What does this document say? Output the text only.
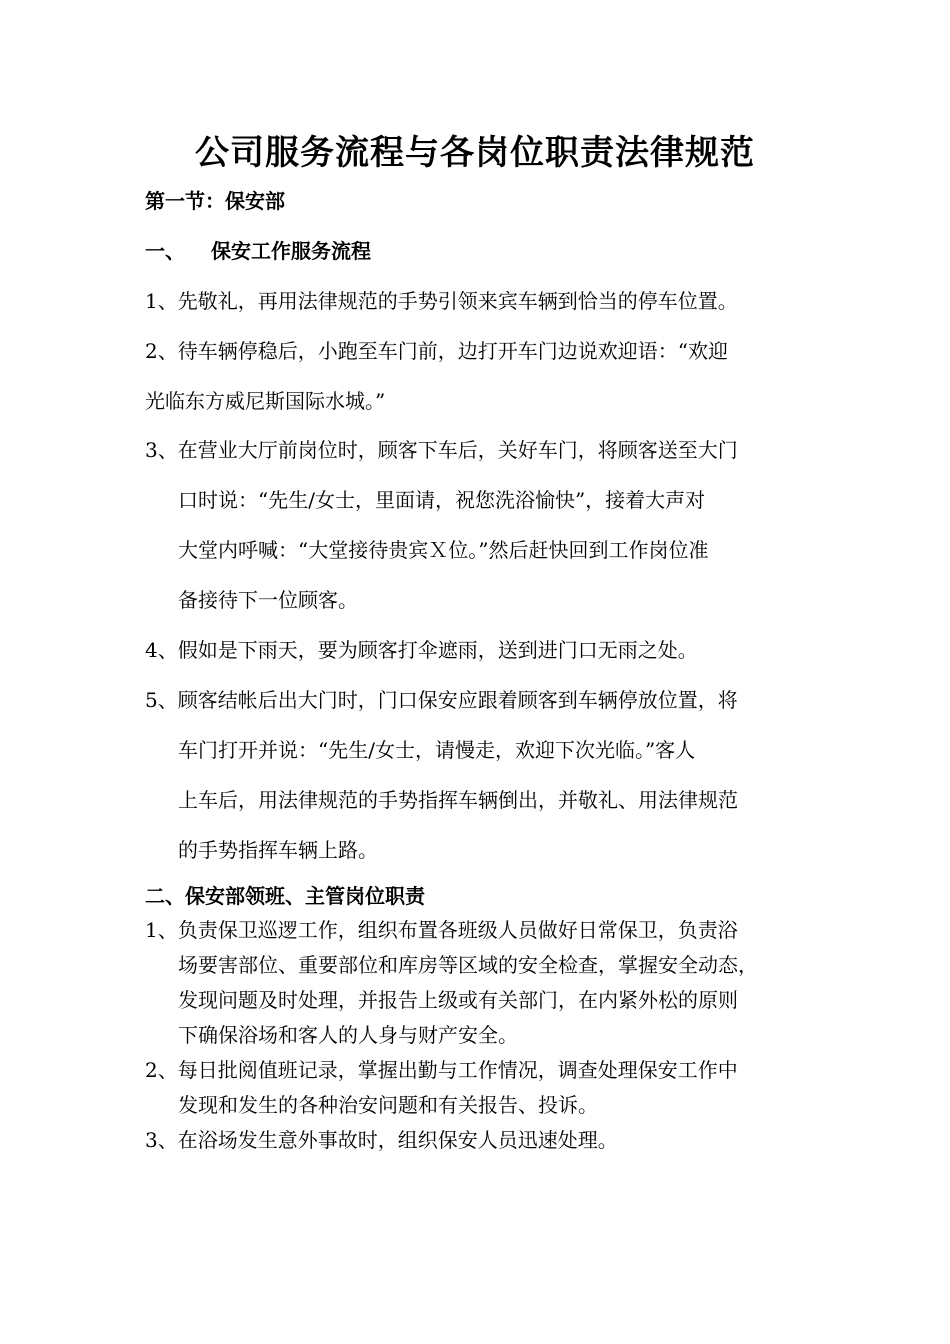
公司服务流程与各岗位职责法律规范
第一节：保安部
一、 保安工作服务流程
1、先敬礼，再用法律规范的手势引领来宾车辆到恰当的停车位置。
2、待车辆停稳后，小跑至车门前，边打开车门边说欢迎语：“欢迎
光临东方威尼斯国际水城。”
3、在营业大厅前岗位时，顾客下车后，关好车门，将顾客送至大门
口时说：“先生/女士，里面请，祝您洗浴愉快”，接着大声对
大堂内呼喊：“大堂接待贵宾Ｘ位。”然后赶快回到工作岗位准
备接待下一位顾客。
4、假如是下雨天，要为顾客打伞遮雨，送到进门口无雨之处。
5、顾客结帐后出大门时，门口保安应跟着顾客到车辆停放位置，将
车门打开并说：“先生/女士，请慢走，欢迎下次光临。”客人
上车后，用法律规范的手势指挥车辆倒出，并敬礼、用法律规范
的手势指挥车辆上路。
二、保安部领班、主管岗位职责
1、负责保卫巡逻工作，组织布置各班级人员做好日常保卫，负责浴
场要害部位、重要部位和库房等区域的安全检查，掌握安全动态，
发现问题及时处理，并报告上级或有关部门，在内紧外松的原则
下确保浴场和客人的人身与财产安全。
2、每日批阅值班记录，掌握出勤与工作情况，调查处理保安工作中
发现和发生的各种治安问题和有关报告、投诉。
3、在浴场发生意外事故时，组织保安人员迅速处理。
